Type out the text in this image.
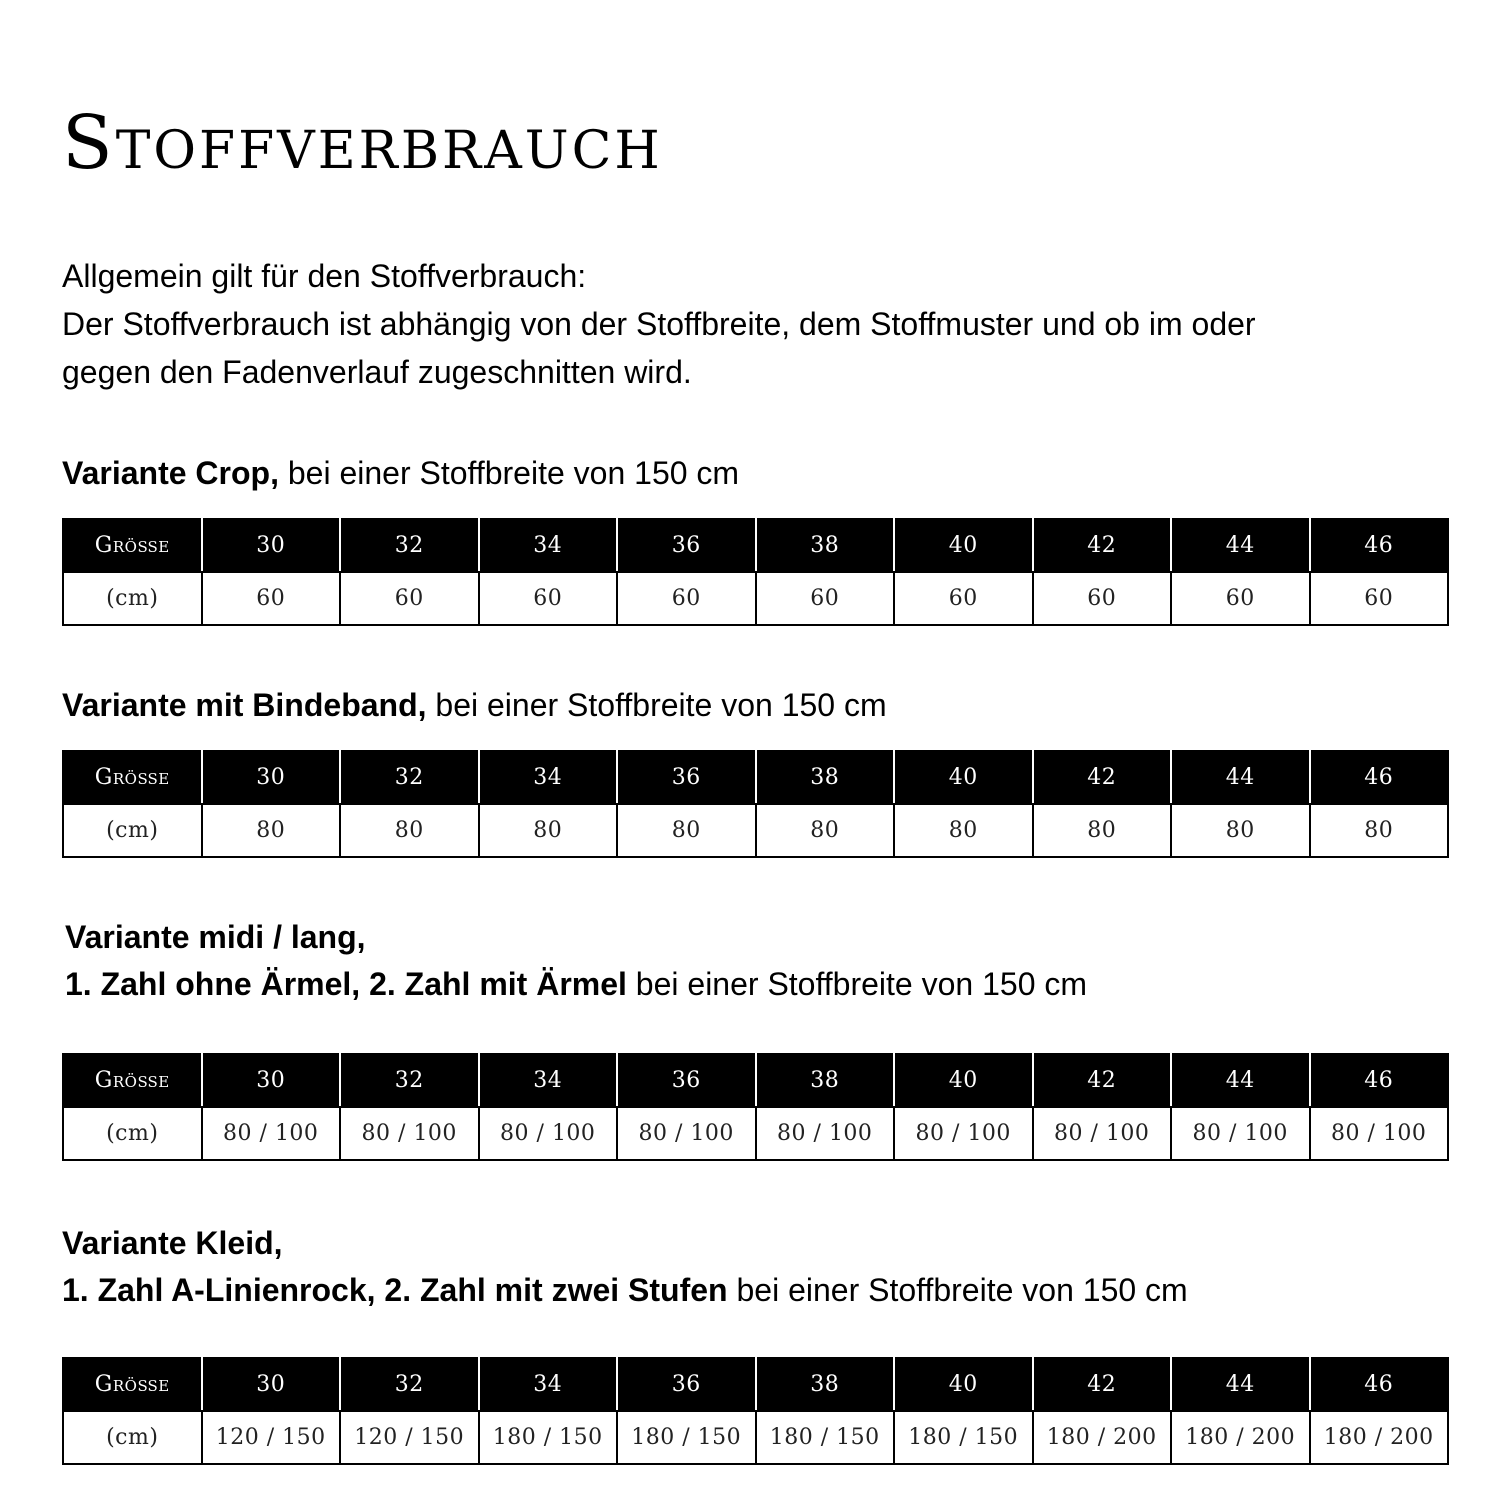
Stoffverbrauch
Allgemein gilt für den Stoffverbrauch:
Der Stoffverbrauch ist abhängig von der Stoffbreite, dem Stoffmuster und ob im oder
gegen den Fadenverlauf zugeschnitten wird.
Variante Crop, bei einer Stoffbreite von 150 cm
Größe	30	32	34	36	38	40	42	44	46
(cm)	60	60	60	60	60	60	60	60	60
Variante mit Bindeband, bei einer Stoffbreite von 150 cm
Größe	30	32	34	36	38	40	42	44	46
(cm)	80	80	80	80	80	80	80	80	80
Variante midi / lang,
1. Zahl ohne Ärmel, 2. Zahl mit Ärmel bei einer Stoffbreite von 150 cm
Größe	30	32	34	36	38	40	42	44	46
(cm)	80 / 100	80 / 100	80 / 100	80 / 100	80 / 100	80 / 100	80 / 100	80 / 100	80 / 100
Variante Kleid,
1. Zahl A-Linienrock, 2. Zahl mit zwei Stufen bei einer Stoffbreite von 150 cm
Größe	30	32	34	36	38	40	42	44	46
(cm)	120 / 150	120 / 150	180 / 150	180 / 150	180 / 150	180 / 150	180 / 200	180 / 200	180 / 200
